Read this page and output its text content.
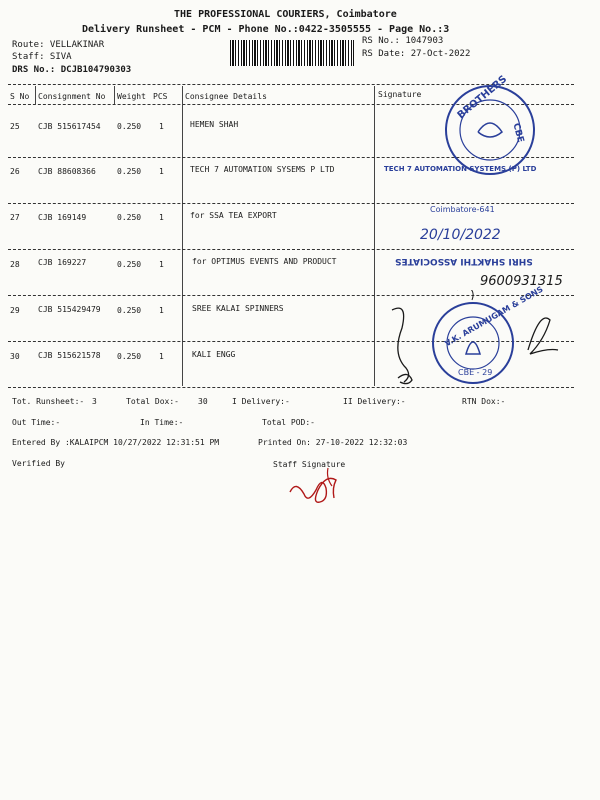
THE PROFESSIONAL COURIERS, Coimbatore
Delivery Runsheet - PCM - Phone No.:0422-3505555 - Page No.:3
Route: VELLAKINAR
Staff: SIVA
DRS No.: DCJB104790303
RS No.: 1047903
RS Date: 27-Oct-2022
S No Consignment No Weight PCS Consignee Details	Signature
25 CJB 515617454 0.250 1	HEMEN SHAH
26 CJB 88608366	0.250 1	TECH 7 AUTOMATION SYSEMS P LTD
27 CJB 169149	0.250 1	for SSA TEA EXPORT
28 CJB 169227	0.250 1	for OPTIMUS EVENTS AND PRODUCT
29 CJB 515429479 0.250 1	SREE KALAI SPINNERS
30 CJB 515621578 0.250 1	KALI ENGG
BROTHERS
CBE
TECH 7 AUTOMATION SYSTEMS (P) LTD
Coimbatore-641
20/10/2022
SHRI SHAKTHI ASSOCIATES
9600931315
V.K. ARUMUGAM & SONS
CBE - 29
Tot. Runsheet:- 3	Total Dox:- 30	I Delivery:-	II Delivery:-	RTN Dox:-
Out Time:-	In Time:-	Total POD:-
Entered By :KALAIPCM 10/27/2022 12:31:51 PM	Printed On: 27-10-2022 12:32:03
Verified By	Staff Signature
